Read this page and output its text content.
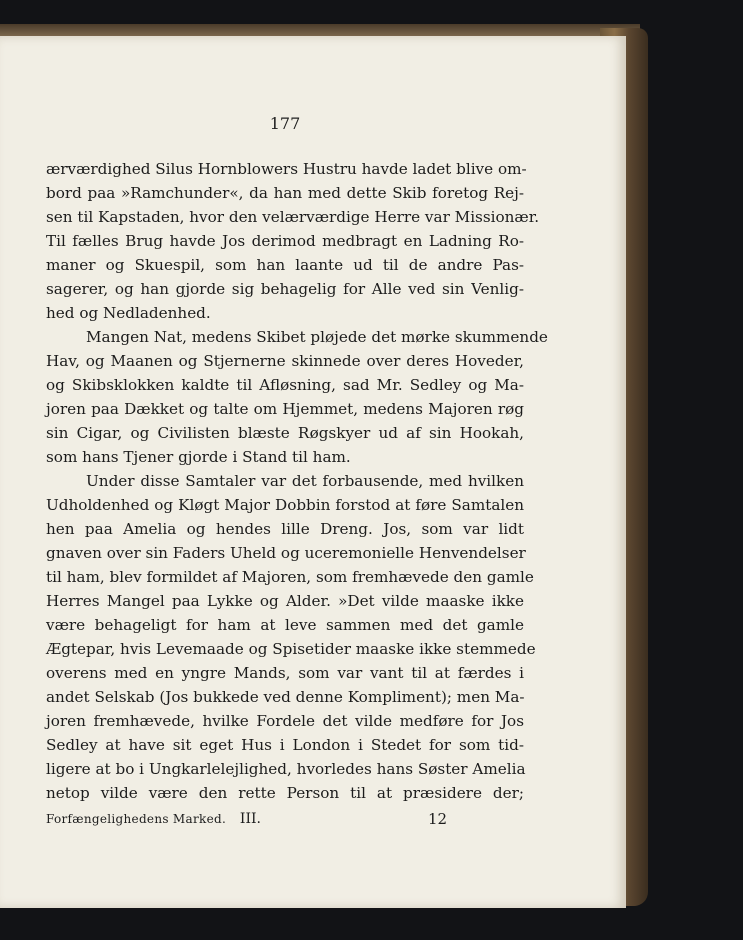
177
ærværdighed Silus Hornblowers Hustru havde ladet blive om-
bord paa »Ramchunder«, da han med dette Skib foretog Rej-
sen til Kapstaden, hvor den velærværdige Herre var Missionær.
Til fælles Brug havde Jos derimod medbragt en Ladning Ro-
maner og Skuespil, som han laante ud til de andre Pas-
sagerer, og han gjorde sig behagelig for Alle ved sin Venlig-
hed og Nedladenhed.
Mangen Nat, medens Skibet pløjede det mørke skummende
Hav, og Maanen og Stjernerne skinnede over deres Hoveder,
og Skibsklokken kaldte til Afløsning, sad Mr. Sedley og Ma-
joren paa Dækket og talte om Hjemmet, medens Majoren røg
sin Cigar, og Civilisten blæste Røgskyer ud af sin Hookah,
som hans Tjener gjorde i Stand til ham.
Under disse Samtaler var det forbausende, med hvilken
Udholdenhed og Kløgt Major Dobbin forstod at føre Samtalen
hen paa Amelia og hendes lille Dreng. Jos, som var lidt
gnaven over sin Faders Uheld og uceremonielle Henvendelser
til ham, blev formildet af Majoren, som fremhævede den gamle
Herres Mangel paa Lykke og Alder. »Det vilde maaske ikke
være behageligt for ham at leve sammen med det gamle
Ægtepar, hvis Levemaade og Spisetider maaske ikke stemmede
overens med en yngre Mands, som var vant til at færdes i
andet Selskab (Jos bukkede ved denne Kompliment); men Ma-
joren fremhævede, hvilke Fordele det vilde medføre for Jos
Sedley at have sit eget Hus i London i Stedet for som tid-
ligere at bo i Ungkarlelejlighed, hvorledes hans Søster Amelia
netop vilde være den rette Person til at præsidere der;
Forfængelighedens Marked. III.	12
